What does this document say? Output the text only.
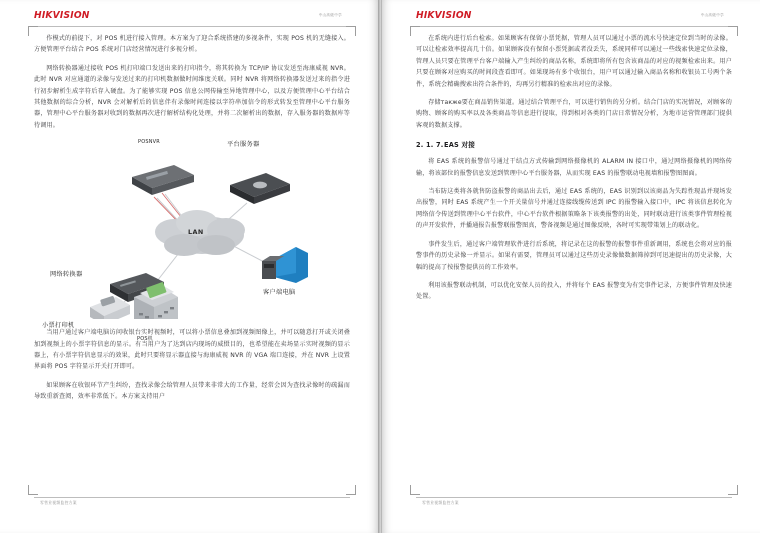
HIKVISION	中山高级中学

作模式的前提下，对 POS 机进行接入管理。本方案为了迎合系统搭建的多视条件，实现 POS 机的无缝接入。方便管理平台结合 POS 系统对门店经营情况进行多视分析。

网络转换器通过接收 POS 机打印端口发送出来的打印指令，将其转换为 TCP/IP 协议发送至海康威视 NVR。此时 NVR 对应通道的录像与发送过来的打印机数据做时间维度关联。同时 NVR 将网络转换器发送过来的指令进行初步解析生成字符后存入硬盘。为了能够实现 POS 信息公网传输至异地管理中心，以及方便管理中心平台结合其他数据的综合分析，NVR 会对解析后的信息伴有录像时间连接以字符串加信令的形式转发至管理中心平台服务器，管理中心平台服务器对收到的数据再次进行解析结构化处理，并将二次解析出的数据，存入服务器的数据库等待调用。

LAN
POSNVR	平台服务器
客户端电脑
网络转换器
小票打印机
POS机

当用户通过客户端电脑访问收银台实时视频时，可以将小票信息叠加到视频图像上，并可以随意打开或关闭叠加到视频上的小票字符信息的显示。有当用户为了达到店内现场的威慑目的，也希望能在卖场显示实时视频的显示器上，有小票字符信息显示的效果，此时只要将显示器直接与海康威视 NVR 的 VGA 端口连接，并在 NVR 上设置界面将 POS 字符显示开关打开即可。

如果顾客在收银环节产生纠纷，查找录像会给管理人员带来非常大的工作量，经常会因为查找录像时的疏漏而导致重新查阅，效率非常低下。本方案支持用户

零售业视频监控方案
HIKVISION	中山高级中学

在系统内进行后台检索。如果顾客有保留小票凭据，管理人员可以通过小票的流水号快速定位到当时的录像。可以让检索效率提高几十倍。如果顾客没有保留小票凭据或者没丢失，系统同样可以通过一些线索快速定位录像，管理人员只要在管理平台客户端输入产生纠纷的商品名称，系统即将所有包含该商品的对应的视频检索出来。用户只要在顾客对应购买的时间段查看即可。如果现场有多个收银台，用户可以通过输入商品名称和收银员工号两个条件，系统会精确搜索出符合条件的，均再另行精准的检索出对应的录像。

存储также要在商品销售渠道。通过结合管理平台，可以进行销售的另分析。结合门店的实况情况，对顾客的购物、顾客的购买率以及各类商品等信息进行提取，得到相对各类的门店日常情况分析，为地市运营管理部门提供客观的数据支撑。

2. 1. 7.EAS 对接

将 EAS 系统的报警信号通过干结点方式传输到网络摄像机的 ALARM IN 接口中，通过网络摄像机的网络传输，将该部位的报警信息发送到管理中心平台服务器，从而实现 EAS 的报警联动电视墙和报警图图面。

当布防这类将各就售防盗报警的商品出去后，通过 EAS 系统的，EAS 识别到以该商品为失踪性现品并现场发出报警，同时 EAS 系统产生一个开关量信号并通过连接线缆传送到 IPC 的报警输入接口中，IPC 将该信息转化为网络信令传送到管理中心平台软件，中心平台软件根据策略条下该类报警的出处，同时联动进行该类事件管理检视的声开发软件，并播通报告报警联报警图真，警备视频是通过图像反映，各时可实现带策划上的联动化。

事件发生后，通过客户端管理软件进行后系统，将记录在这的报警的报警事件重新调用，系统也会将对应的报警事件的历史录像一并显示。如果有需要，管理员可以通过这些历史录像做数据筛掉到可迅速提出的历史录像，大幅的提高了按报警提供员的工作效率。

利用该报警联动机制，可以优化安保人员的投入，并将每个 EAS 报警变为有完事件记录，方便事件管理及快速处置。

零售业视频监控方案
